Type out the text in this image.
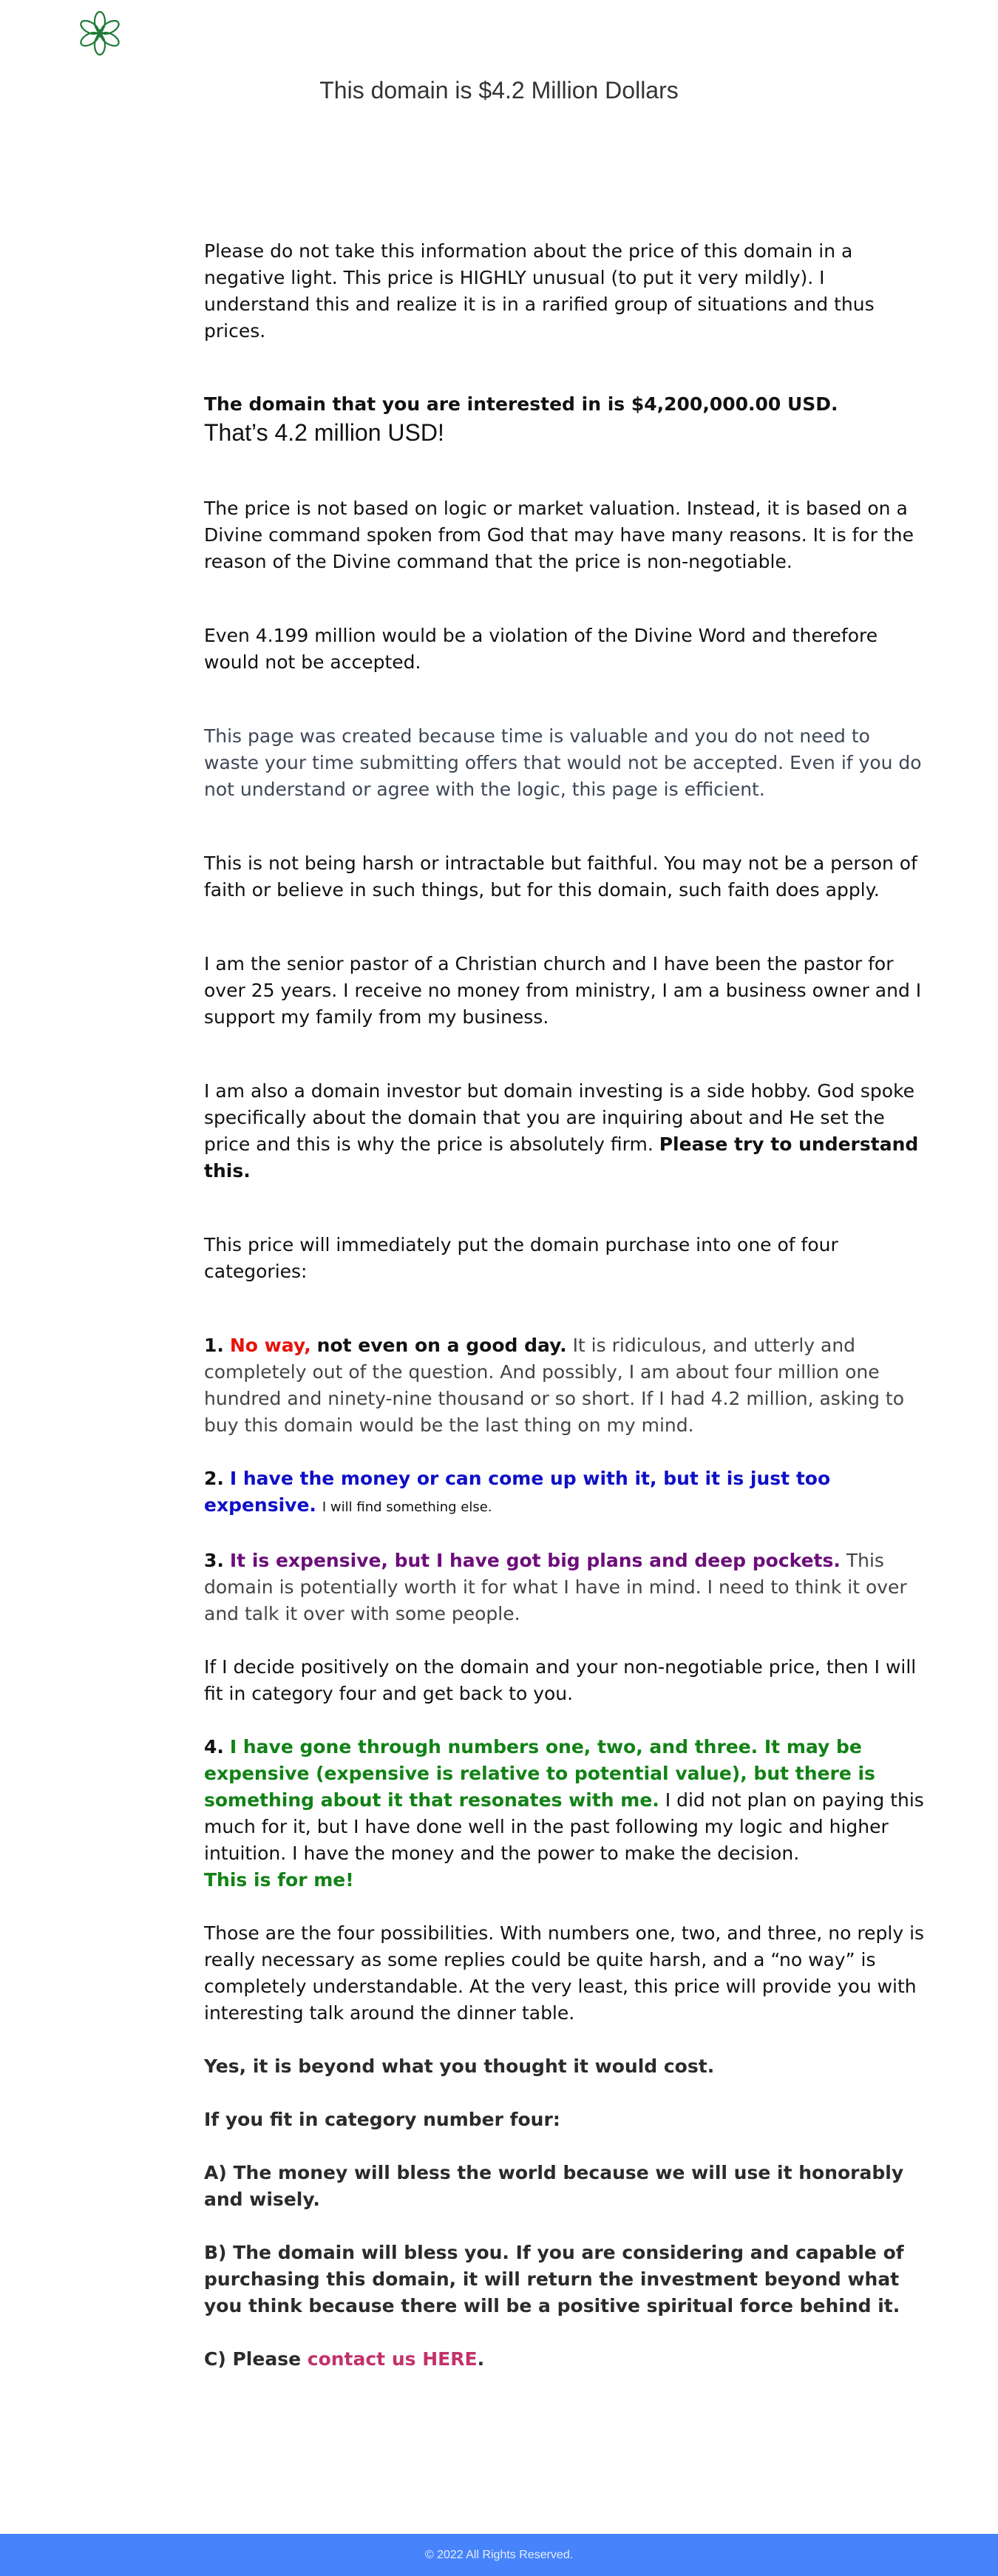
This domain is $4.2 Million Dollars

Please do not take this information about the price of this domain in a negative light. This price is HIGHLY unusual (to put it very mildly). I understand this and realize it is in a rarified group of situations and thus prices.

The domain that you are interested in is $4,200,000.00 USD.
That’s 4.2 million USD!

The price is not based on logic or market valuation. Instead, it is based on a Divine command spoken from God that may have many reasons. It is for the reason of the Divine command that the price is non-negotiable.

Even 4.199 million would be a violation of the Divine Word and therefore would not be accepted.

This page was created because time is valuable and you do not need to waste your time submitting offers that would not be accepted. Even if you do not understand or agree with the logic, this page is efficient.

This is not being harsh or intractable but faithful. You may not be a person of faith or believe in such things, but for this domain, such faith does apply.

I am the senior pastor of a Christian church and I have been the pastor for over 25 years. I receive no money from ministry, I am a business owner and I support my family from my business.

I am also a domain investor but domain investing is a side hobby. God spoke specifically about the domain that you are inquiring about and He set the price and this is why the price is absolutely firm. Please try to understand this.

This price will immediately put the domain purchase into one of four categories:

1. No way, not even on a good day. It is ridiculous, and utterly and completely out of the question. And possibly, I am about four million one hundred and ninety-nine thousand or so short. If I had 4.2 million, asking to buy this domain would be the last thing on my mind.

2. I have the money or can come up with it, but it is just too expensive. I will find something else.

3. It is expensive, but I have got big plans and deep pockets. This domain is potentially worth it for what I have in mind. I need to think it over and talk it over with some people.

If I decide positively on the domain and your non-negotiable price, then I will fit in category four and get back to you.

4. I have gone through numbers one, two, and three. It may be expensive (expensive is relative to potential value), but there is something about it that resonates with me. I did not plan on paying this much for it, but I have done well in the past following my logic and higher intuition. I have the money and the power to make the decision.
This is for me!

Those are the four possibilities. With numbers one, two, and three, no reply is really necessary as some replies could be quite harsh, and a “no way” is completely understandable. At the very least, this price will provide you with interesting talk around the dinner table.

Yes, it is beyond what you thought it would cost.

If you fit in category number four:

A) The money will bless the world because we will use it honorably and wisely.

B) The domain will bless you. If you are considering and capable of purchasing this domain, it will return the investment beyond what you think because there will be a positive spiritual force behind it.

C) Please contact us HERE.

© 2022 All Rights Reserved.
